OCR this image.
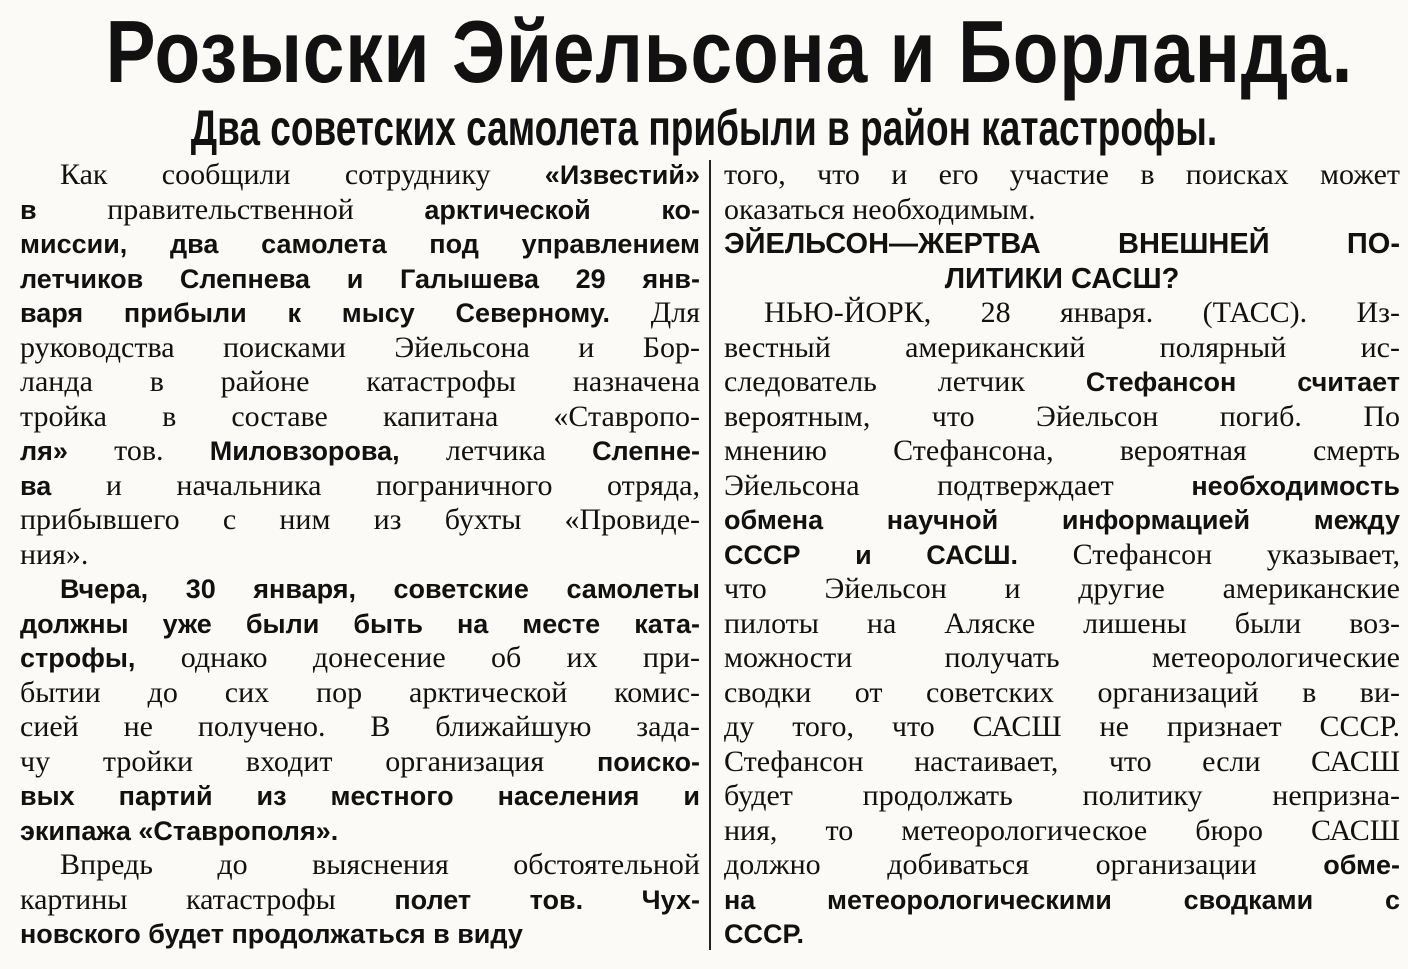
Розыски Эйельсона и Борланда.
Два советских самолета прибыли в район катастрофы.
Как сообщили сотруднику «Известий»
в правительственной арктической ко-
миссии, два самолета под управлением
летчиков Слепнева и Галышева 29 янв-
варя прибыли к мысу Северному. Для
руководства поисками Эйельсона и Бор-
ланда в районе катастрофы назначена
тройка в составе капитана «Ставропо-
ля» тов. Миловзорова, летчика Слепне-
ва и начальника пограничного отряда,
прибывшего с ним из бухты «Провиде-
ния».
Вчера, 30 января, советские самолеты
должны уже были быть на месте ката-
строфы, однако донесение об их при-
бытии до сих пор арктической комис-
сией не получено. В ближайшую зада-
чу тройки входит организация поиско-
вых партий из местного населения и
экипажа «Ставрополя».
Впредь до выяснения обстоятельной
картины катастрофы полет тов. Чух-
новского будет продолжаться в виду
того, что и его участие в поисках может
оказаться необходимым.
ЭЙЕЛЬСОН—ЖЕРТВА ВНЕШНЕЙ ПО-
ЛИТИКИ САСШ?
НЬЮ-ЙОРК, 28 января. (ТАСС). Из-
вестный американский полярный ис-
следователь летчик Стефансон считает
вероятным, что Эйельсон погиб. По
мнению Стефансона, вероятная смерть
Эйельсона подтверждает необходимость
обмена научной информацией между
СССР и САСШ. Стефансон указывает,
что Эйельсон и другие американские
пилоты на Аляске лишены были воз-
можности получать метеорологические
сводки от советских организаций в ви-
ду того, что САСШ не признает СССР.
Стефансон настаивает, что если САСШ
будет продолжать политику непризна-
ния, то метеорологическое бюро САСШ
должно добиваться организации обме-
на метеорологическими сводками с
СССР.
